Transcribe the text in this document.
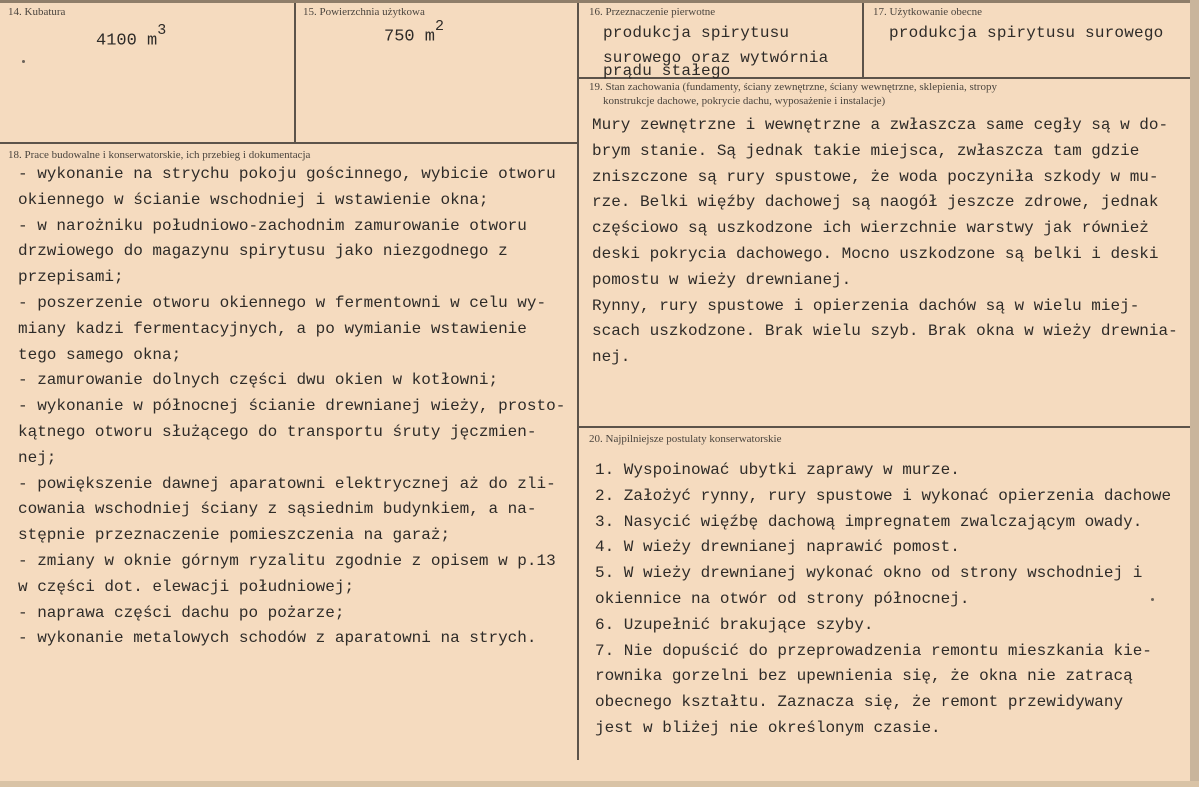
14. Kubatura
4100 $m^3$
15. Powierzchnia użytkowa
750 $m^2$
16. Przeznaczenie pierwotne
produkcja spirytusu
surowego oraz wytwórnia
prądu stałego
17. Użytkowanie obecne
produkcja spirytusu surowego
18. Prace budowalne i konserwatorskie, ich przebieg i dokumentacja
- wykonanie na strychu pokoju gościnnego, wybicie otworu
okiennego w ścianie wschodniej i wstawienie okna;
- w narożniku południowo-zachodnim zamurowanie otworu
drzwiowego do magazynu spirytusu jako niezgodnego z
przepisami;
- poszerzenie otworu okiennego w fermentowni w celu wy-
miany kadzi fermentacyjnych, a po wymianie wstawienie
tego samego okna;
- zamurowanie dolnych części dwu okien w kotłowni;
- wykonanie w północnej ścianie drewnianej wieży, prosto-
kątnego otworu służącego do transportu śruty jęczmien-
nej;
- powiększenie dawnej aparatowni elektrycznej aż do zli-
cowania wschodniej ściany z sąsiednim budynkiem, a na-
stępnie przeznaczenie pomieszczenia na garaż;
- zmiany w oknie górnym ryzalitu zgodnie z opisem w p.13
w części dot. elewacji południowej;
- naprawa części dachu po pożarze;
- wykonanie metalowych schodów z aparatowni na strych.
19. Stan zachowania (fundamenty, ściany zewnętrzne, ściany wewnętrzne, sklepienia, stropy
konstrukcje dachowe, pokrycie dachu, wyposażenie i instalacje)
Mury zewnętrzne i wewnętrzne a zwłaszcza same cegły są w do-
brym stanie. Są jednak takie miejsca, zwłaszcza tam gdzie
zniszczone są rury spustowe, że woda poczyniła szkody w mu-
rze. Belki więźby dachowej są naogół jeszcze zdrowe, jednak
częściowo są uszkodzone ich wierzchnie warstwy jak również
deski pokrycia dachowego. Mocno uszkodzone są belki i deski
pomostu w wieży drewnianej.
Rynny, rury spustowe i opierzenia dachów są w wielu miej-
scach uszkodzone. Brak wielu szyb. Brak okna w wieży drewnia-
nej.
20. Najpilniejsze postulaty konserwatorskie
1. Wyspoinować ubytki zaprawy w murze.
2. Założyć rynny, rury spustowe i wykonać opierzenia dachowe
3. Nasycić więźbę dachową impregnatem zwalczającym owady.
4. W wieży drewnianej naprawić pomost.
5. W wieży drewnianej wykonać okno od strony wschodniej i
okiennice na otwór od strony północnej.
6. Uzupełnić brakujące szyby.
7. Nie dopuścić do przeprowadzenia remontu mieszkania kie-
rownika gorzelni bez upewnienia się, że okna nie zatracą
obecnego kształtu. Zaznacza się, że remont przewidywany
jest w bliżej nie określonym czasie.
